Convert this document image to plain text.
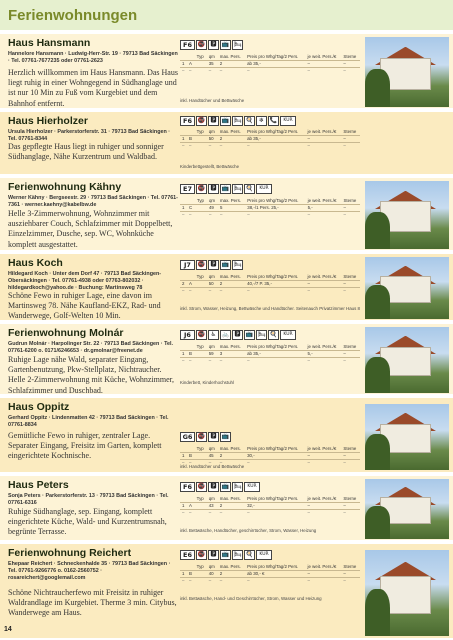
Ferienwohnungen
Haus Hansmann
Hannelore Hansmann · Ludwig-Herr-Str. 19 · 79713 Bad Säckingen · Tel. 07761-7677235 oder 07761-2623
Herzlich willkommen im Haus Hansmann. Das Haus liegt ruhig in einer Wohngegend in Südhanglage und ist nur 10 Min zu Fuß vom Kurgebiet und dem Bahnhof entfernt.
F6 🚭 🅿 📺 🛏
		Typ	qm	max. Pers.	Preis pro Whg/Tag/2 Pers.	je weit. Pers./€	Sterne
1	A		35	2	ab 35,-	–	–
–	–		–	–	–	–	–
inkl. Handtücher und Bettwäsche
Haus Hierholzer
Ursula Hierholzer · Parkerstorferstr. 31 · 79713 Bad Säckingen · Tel. 07761-8344
Das gepflegte Haus liegt in ruhiger und sonniger Südhanglage, Nähe Kurzentrum und Waldbad.
F6 🚭 🅿 📺 🛏 🍳 ❄ 📞	KUR
		Typ	qm	max. Pers.	Preis pro Whg/Tag/2 Pers.	je weit. Pers./€	Sterne
1	B		50	2	ab 35,-	–	–
–	–		–	–	–	–	–
Kinderbettgestellt, Bettwäsche
Ferienwohnung Kähny
Werner Kähny · Bergseestr. 29 · 79713 Bad Säckingen · Tel. 07761-7361 · werner.kaehny@kabelbw.de
Helle 3-Zimmerwohnung, Wohnzimmer mit ausziehbarer Couch, Schlafzimmer mit Doppelbett, Einzelzimmer, Dusche, sep. WC, Wohnküche komplett ausgestattet.
E7 🚭 🅿 📺 🛏 🍳	KUR
		Typ	qm	max. Pers.	Preis pro Whg/Tag/2 Pers.	je weit. Pers./€	Sterne
1	C		49	5	38,-/1 Pers. 25,-	5,-	–
–	–		–	–	–	–	–
Haus Koch
Hildegard Koch · Unter dem Dorf 47 · 79713 Bad Säckingen-Obersäckingen · Tel. 07761-4938 oder 07763-802032 · hildegardkoch@yahoo.de · Buchung: Martinsweg 78
Schöne Fewo in ruhiger Lage, eine davon im Martinsweg 78. Nähe Kaufland-EKZ, Rad- und Wanderwege, Golf-Welten 10 Min.
J7	🚭 🅿 📺 🛏
		Typ	qm	max. Pers.	Preis pro Whg/Tag/2 Pers.	je weit. Pers./€	Sterne
2	A		50	2	40,-/7 P. 35,-	–	–
–	–		–	–	–	–	–
inkl. Strom, Wasser, Heizung, Bettwäsche und Handtücher. Seitenauch Privatzimmer Haus 8
Ferienwohnung Molnár
Gudrun Molnár · Harpolinger Str. 22 · 79713 Bad Säckingen · Tel. 07761-6200 o. 0171/6246653 · dr.gmolnar@freenet.de
Ruhige Lage nähe Wald, separater Eingang, Gartenbenutzung, Pkw-Stellplatz, Nichtraucher. Helle 2-Zimmerwohnung mit Küche, Wohnzimmer, Schlafzimmer und Duschbad.
J6	🚭 ♿ 🚲 🅿 📺 🛏 🍳	KUR
		Typ	qm	max. Pers.	Preis pro Whg/Tag/2 Pers.	je weit. Pers./€	Sterne
1	B		59	3	ab 35,-	5,-	–
–	–		–	–	–	–	–
Kinderbett, Kinderhochstuhl
Haus Oppitz
Gerhard Oppitz · Lindenmatten 42 · 79713 Bad Säckingen · Tel. 07761-8834
Gemütliche Fewo in ruhiger, zentraler Lage. Separater Eingang, Freisitz im Garten, komplett eingerichtete Kochnische.
G6 🚭 🅿 📺
		Typ	qm	max. Pers.	Preis pro Whg/Tag/2 Pers.	je weit. Pers./€	Sterne
1	B		45	2	30,-	–	–
–	–		–	–	–	–	–
inkl. Handtücher und Bettwäsche
Haus Peters
Sonja Peters · Parkerstorferstr. 13 · 79713 Bad Säckingen · Tel. 07761-6316
Ruhige Südhanglage, sep. Eingang, komplett eingerichtete Küche, Wald- und Kurzentrumsnah, begrünte Terrasse.
F6 🚭 🅿 📺 🛏	KUR
		Typ	qm	max. Pers.	Preis pro Whg/Tag/2 Pers.	je weit. Pers./€	Sterne
1	A		43	2	32,-	–	–
–	–		–	–	–	–	–
inkl. Bettwäsche, Handtücher, geschirrtücher, Strom, Wasser, Heizung
Ferienwohnung Reichert
Ehepaar Reichert · Schneckenhalde 35 · 79713 Bad Säckingen · Tel. 07761-9266776 o. 0162-2560752 · rosareichert@googlemail.com
Schöne Nichtraucherfewo mit Freisitz in ruhiger Waldrandlage im Kurgebiet. Therme 3 min. Citybus, Wanderwege am Haus.
E6 🚭 🅿 📺 🛏 🍳	KUR
		Typ	qm	max. Pers.	Preis pro Whg/Tag/2 Pers.	je weit. Pers./€	Sterne
1	B		40	2	ab 30,- €	–	–
–	–		–	–	–	–	–
inkl. Bettwäsche, Hand- und Geschirrtücher, Strom, Wasser und Heizung
14
